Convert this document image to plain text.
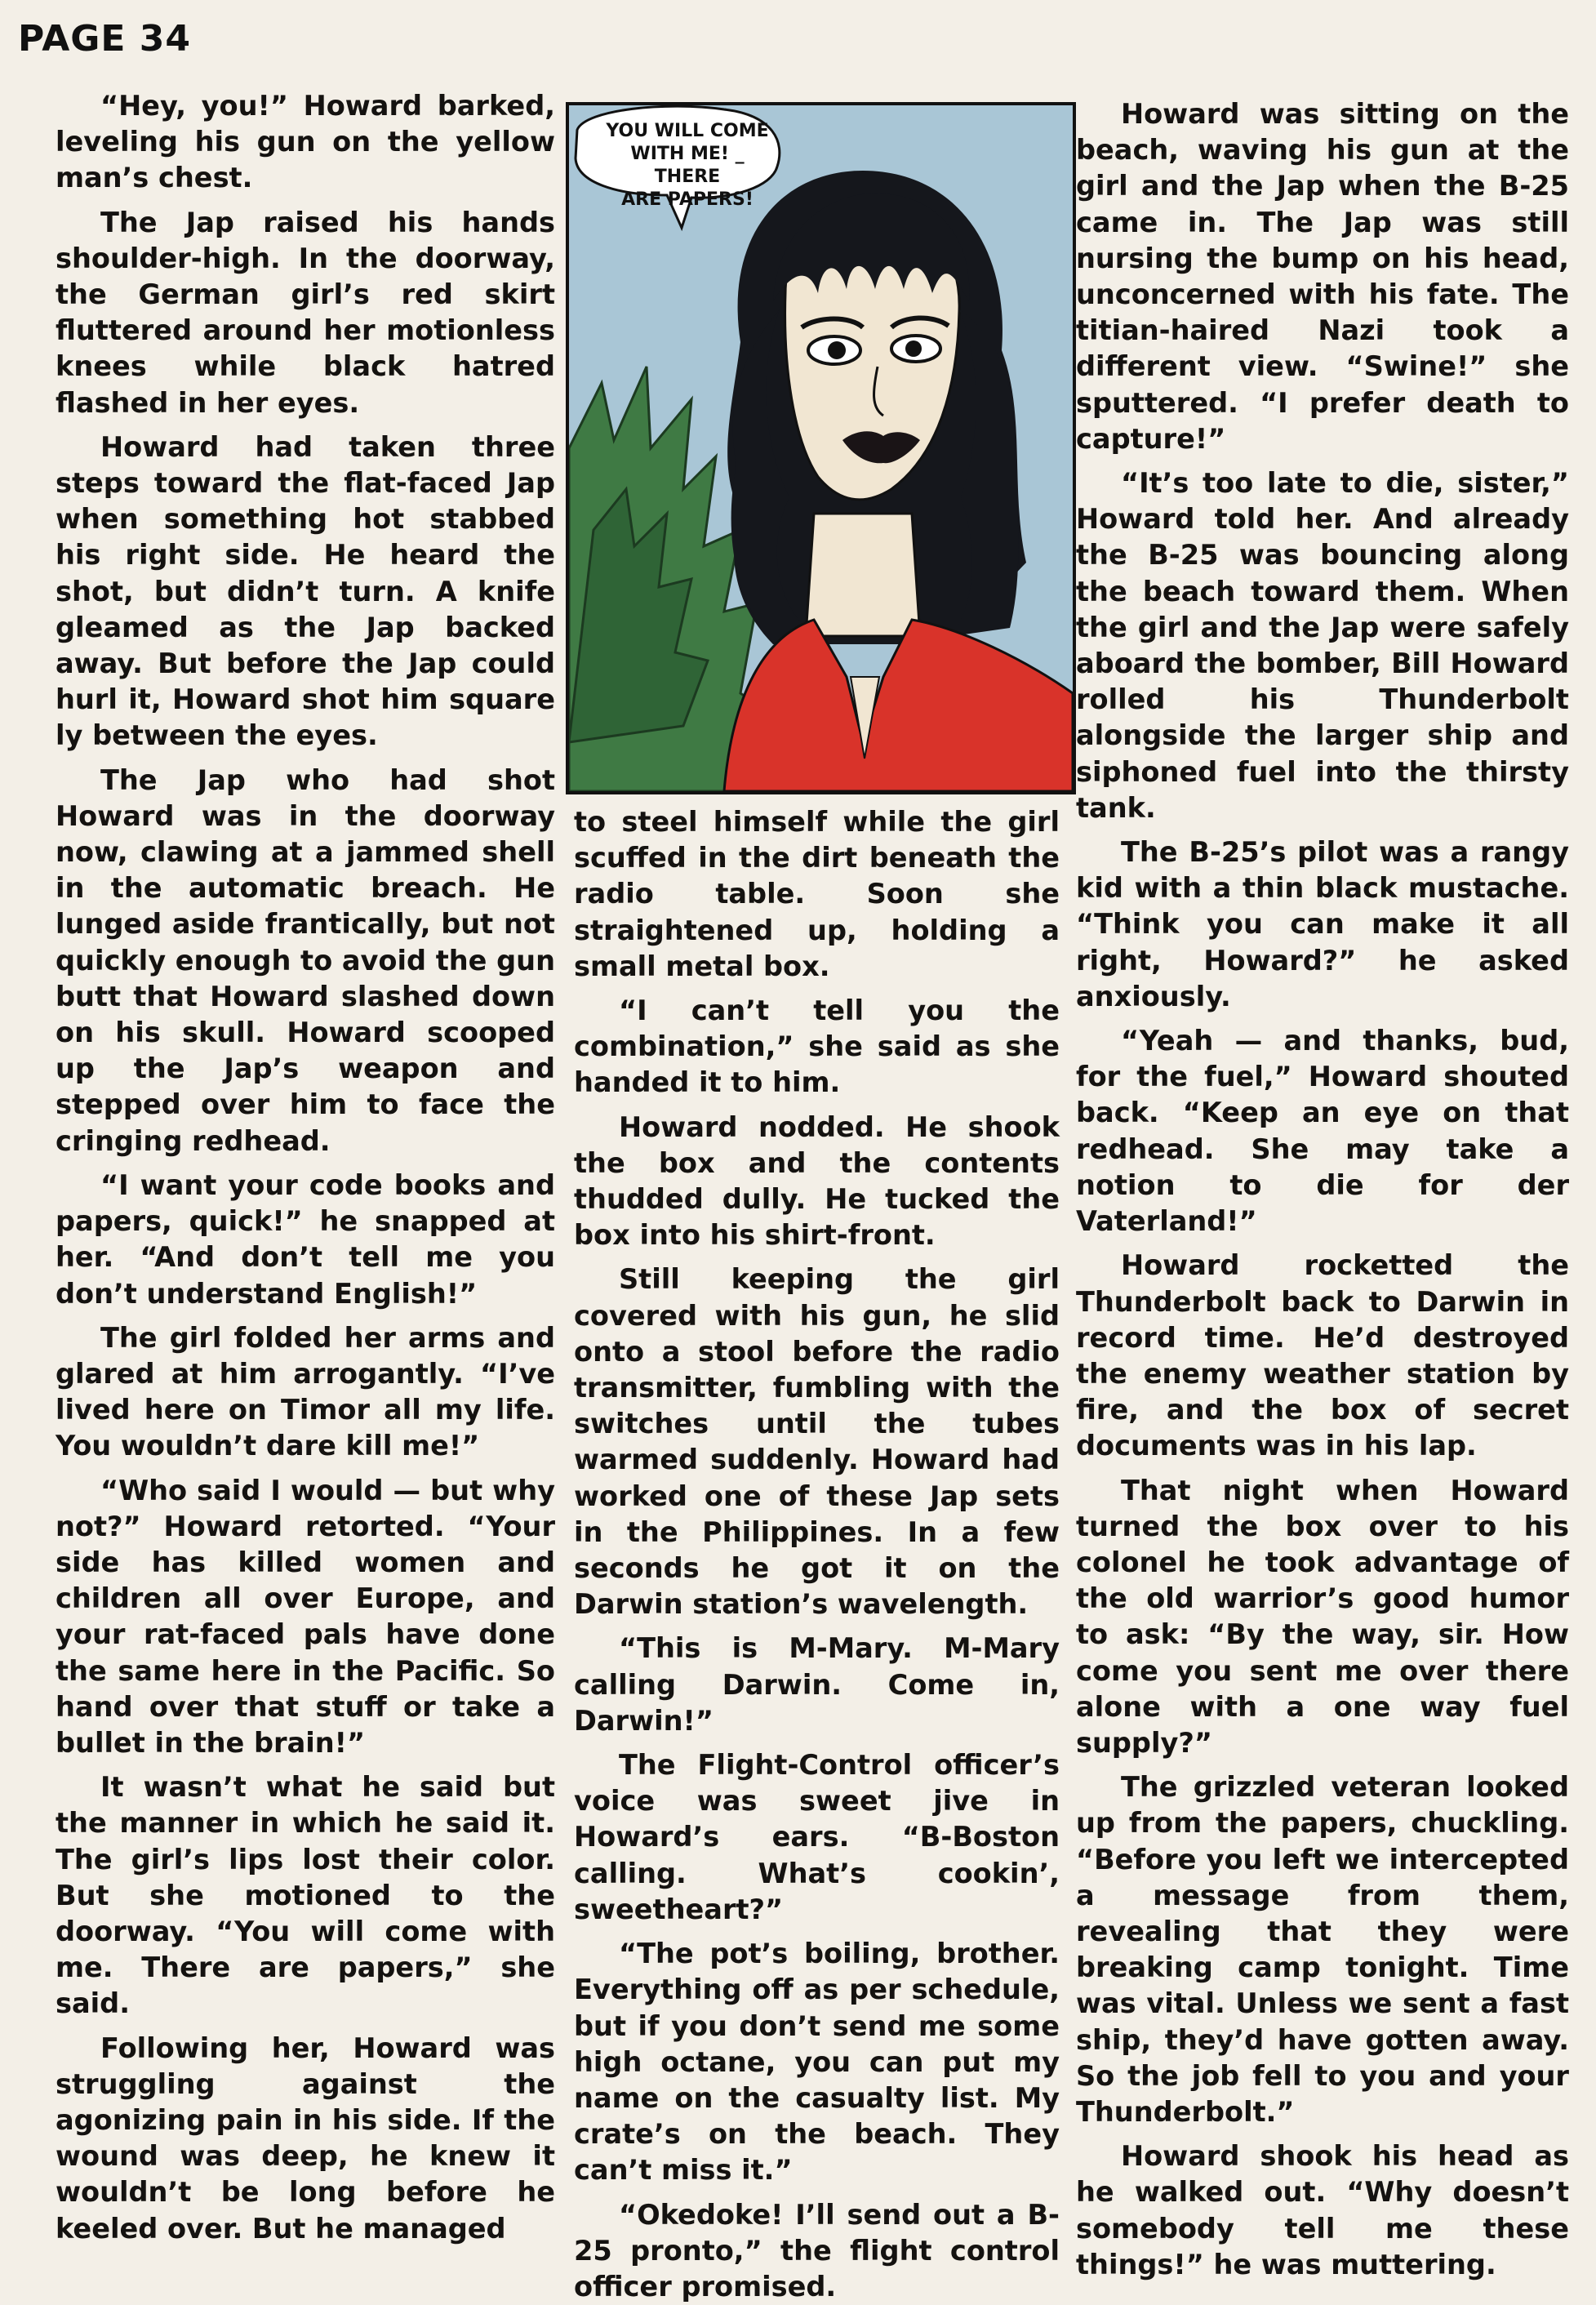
PAGE 34

“Hey, you!” Howard barked, leveling his gun on the yellow man’s chest.

The Jap raised his hands shoulder-high. In the doorway, the German girl’s red skirt fluttered around her motionless knees while black hatred flashed in her eyes.

Howard had taken three steps toward the flat-faced Jap when something hot stabbed his right side. He heard the shot, but didn’t turn. A knife gleamed as the Jap backed away. But before the Jap could hurl it, Howard shot him square ly between the eyes.

The Jap who had shot Howard was in the doorway now, clawing at a jammed shell in the automatic breach. He lunged aside frantically, but not quickly enough to avoid the gun butt that Howard slashed down on his skull. Howard scooped up the Jap’s weapon and stepped over him to face the cringing redhead.

“I want your code books and papers, quick!” he snapped at her. “And don’t tell me you don’t understand English!”

The girl folded her arms and glared at him arrogantly. “I’ve lived here on Timor all my life. You wouldn’t dare kill me!”

“Who said I would — but why not?” Howard retorted. “Your side has killed women and children all over Europe, and your rat-faced pals have done the same here in the Pacific. So hand over that stuff or take a bullet in the brain!”

It wasn’t what he said but the manner in which he said it. The girl’s lips lost their color. But she motioned to the doorway. “You will come with me. There are papers,” she said.

Following her, Howard was struggling against the agonizing pain in his side. If the wound was deep, he knew it wouldn’t be long before he keeled over. But he managed

YOU WILL COME
WITH ME! _ THERE
ARE PAPERS!

to steel himself while the girl scuffed in the dirt beneath the radio table. Soon she straightened up, holding a small metal box.

“I can’t tell you the combination,” she said as she handed it to him.

Howard nodded. He shook the box and the contents thudded dully. He tucked the box into his shirt-front.

Still keeping the girl covered with his gun, he slid onto a stool before the radio transmitter, fumbling with the switches until the tubes warmed suddenly. Howard had worked one of these Jap sets in the Philippines. In a few seconds he got it on the Darwin station’s wavelength.

“This is M-Mary. M-Mary calling Darwin. Come in, Darwin!”

The Flight-Control officer’s voice was sweet jive in Howard’s ears. “B-Boston calling. What’s cookin’, sweetheart?”

“The pot’s boiling, brother. Everything off as per schedule, but if you don’t send me some high octane, you can put my name on the casualty list. My crate’s on the beach. They can’t miss it.”

“Okedoke! I’ll send out a B-25 pronto,” the flight control officer promised.

Howard was sitting on the beach, waving his gun at the girl and the Jap when the B-25 came in. The Jap was still nursing the bump on his head, unconcerned with his fate. The titian-haired Nazi took a different view. “Swine!” she sputtered. “I prefer death to capture!”

“It’s too late to die, sister,” Howard told her. And already the B-25 was bouncing along the beach toward them. When the girl and the Jap were safely aboard the bomber, Bill Howard rolled his Thunderbolt alongside the larger ship and siphoned fuel into the thirsty tank.

The B-25’s pilot was a rangy kid with a thin black mustache. “Think you can make it all right, Howard?” he asked anxiously.

“Yeah — and thanks, bud, for the fuel,” Howard shouted back. “Keep an eye on that redhead. She may take a notion to die for der Vaterland!”

Howard rocketted the Thunderbolt back to Darwin in record time. He’d destroyed the enemy weather station by fire, and the box of secret documents was in his lap.

That night when Howard turned the box over to his colonel he took advantage of the old warrior’s good humor to ask: “By the way, sir. How come you sent me over there alone with a one way fuel supply?”

The grizzled veteran looked up from the papers, chuckling. “Before you left we intercepted a message from them, revealing that they were breaking camp tonight. Time was vital. Unless we sent a fast ship, they’d have gotten away. So the job fell to you and your Thunderbolt.”

Howard shook his head as he walked out. “Why doesn’t somebody tell me these things!” he was muttering.
